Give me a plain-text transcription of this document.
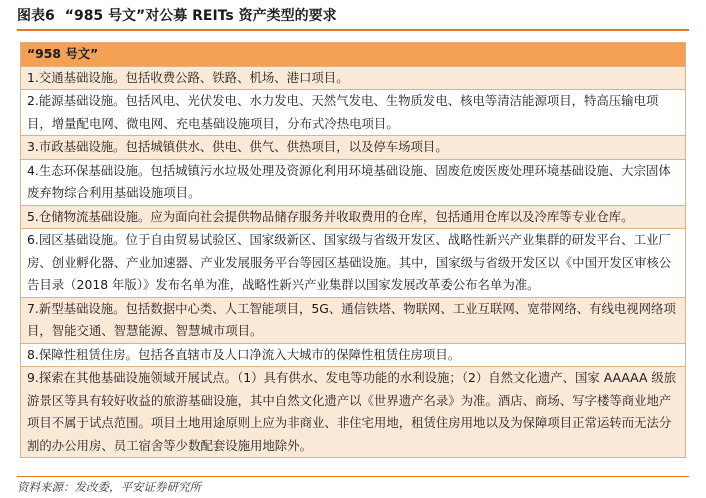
图表6 “985 号文”对公募 REITs 资产类型的要求
“958 号文”
1.交通基础设施。包括收费公路、铁路、机场、港口项目。
2.能源基础设施。包括风电、光伏发电、水力发电、天然气发电、生物质发电、核电等清洁能源项目，特高压输电项目，增量配电网、微电网、充电基础设施项目，分布式冷热电项目。
3.市政基础设施。包括城镇供水、供电、供气、供热项目，以及停车场项目。
4.生态环保基础设施。包括城镇污水垃圾处理及资源化利用环境基础设施、固废危废医废处理环境基础设施、大宗固体废弃物综合利用基础设施项目。
5.仓储物流基础设施。应为面向社会提供物品储存服务并收取费用的仓库，包括通用仓库以及冷库等专业仓库。
6.园区基础设施。位于自由贸易试验区、国家级新区、国家级与省级开发区、战略性新兴产业集群的研发平台、工业厂房、创业孵化器、产业加速器、产业发展服务平台等园区基础设施。其中，国家级与省级开发区以《中国开发区审核公告目录（2018 年版）》发布名单为准，战略性新兴产业集群以国家发展改革委公布名单为准。
7.新型基础设施。包括数据中心类、人工智能项目，5G、通信铁塔、物联网、工业互联网、宽带网络、有线电视网络项目，智能交通、智慧能源、智慧城市项目。
8.保障性租赁住房。包括各直辖市及人口净流入大城市的保障性租赁住房项目。
9.探索在其他基础设施领域开展试点。（1）具有供水、发电等功能的水利设施；（2）自然文化遗产、国家 AAAAA 级旅游景区等具有较好收益的旅游基础设施，其中自然文化遗产以《世界遗产名录》为准。酒店、商场、写字楼等商业地产项目不属于试点范围。项目土地用途原则上应为非商业、非住宅用地，租赁住房用地以及为保障项目正常运转而无法分割的办公用房、员工宿舍等少数配套设施用地除外。
资料来源：发改委，平安证券研究所
